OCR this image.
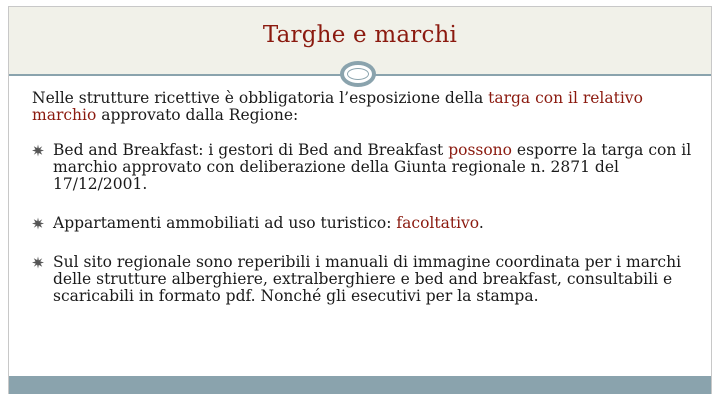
Targhe e marchi

Nelle strutture ricettive è obbligatoria l’esposizione della targa con il relativo marchio approvato dalla Regione:

Bed and Breakfast: i gestori di Bed and Breakfast possono esporre la targa con il marchio approvato con deliberazione della Giunta regionale n. 2871 del 17/12/2001.
Appartamenti ammobiliati ad uso turistico: facoltativo.
Sul sito regionale sono reperibili i manuali di immagine coordinata per i marchi delle strutture alberghiere, extralberghiere e bed and breakfast, consultabili e scaricabili in formato pdf. Nonché gli esecutivi per la stampa.
